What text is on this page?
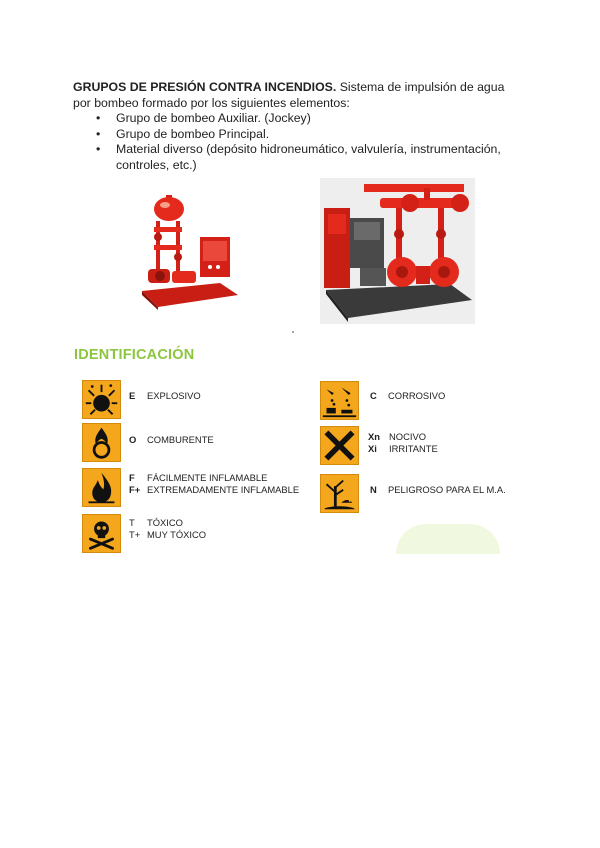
GRUPOS DE PRESIÓN CONTRA INCENDIOS. Sistema de impulsión de agua por bombeo formado por los siguientes elementos:
• Grupo de bombeo Auxiliar. (Jockey)
• Grupo de bombeo Principal.
• Material diverso (depósito hidroneumático, valvulería, instrumentación, controles, etc.)
IDENTIFICACIÓN
E EXPLOSIVO
O COMBURENTE
F FÁCILMENTE INFLAMABLE
F+ EXTREMADAMENTE INFLAMABLE
T TÓXICO
T+ MUY TÓXICO
C CORROSIVO
Xn NOCIVO
Xi IRRITANTE
N PELIGROSO PARA EL M.A.
